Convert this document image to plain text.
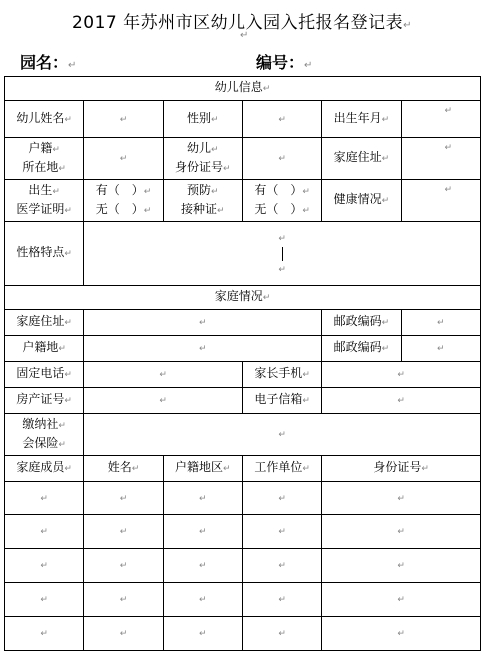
2017 年苏州市区幼儿入园入托报名登记表↵
↵
园名：↵	编号：↵
幼儿信息↵					
幼儿姓名↵	↵	性别↵	↵	出生年月↵	↵
户籍↵
所在地↵	↵	幼儿↵
身份证号↵	↵	家庭住址↵	↵
出生↵
医学证明↵	有（　）↵
无（　）↵	预防↵
接种证↵	有（　）↵
无（　）↵	健康情况↵	↵
性格特点↵	↵

↵				
家庭情况↵					
家庭住址↵	↵			邮政编码↵	↵
户籍地↵	↵			邮政编码↵	↵
固定电话↵	↵		家长手机↵	↵	
房产证号↵	↵		电子信箱↵	↵	
缴纳社↵
会保险↵	↵				
家庭成员↵	姓名↵	户籍地区↵	工作单位↵	身份证号↵	
↵	↵	↵	↵	↵	
↵	↵	↵	↵	↵	
↵	↵	↵	↵	↵	
↵	↵	↵	↵	↵	
↵	↵	↵	↵	↵	
